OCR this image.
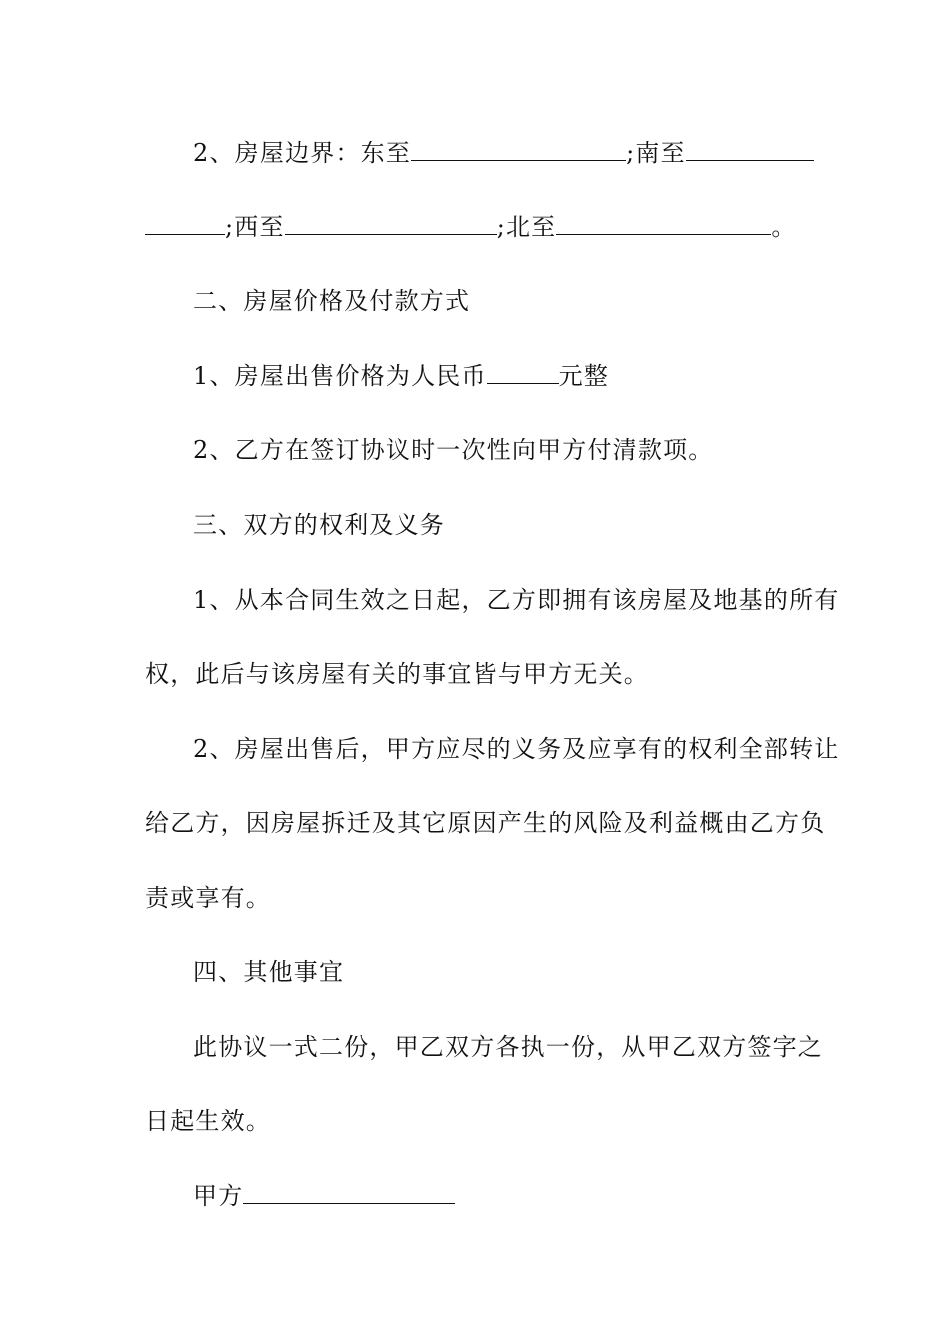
2、房屋边界：东至	;南至
;西至	;北至	。
二、房屋价格及付款方式
1、房屋出售价格为人民币	元整
2、乙方在签订协议时一次性向甲方付清款项。
三、双方的权利及义务
1、从本合同生效之日起，乙方即拥有该房屋及地基的所有
权，此后与该房屋有关的事宜皆与甲方无关。
2、房屋出售后，甲方应尽的义务及应享有的权利全部转让
给乙方，因房屋拆迁及其它原因产生的风险及利益概由乙方负
责或享有。
四、其他事宜
此协议一式二份，甲乙双方各执一份，从甲乙双方签字之
日起生效。
甲方
